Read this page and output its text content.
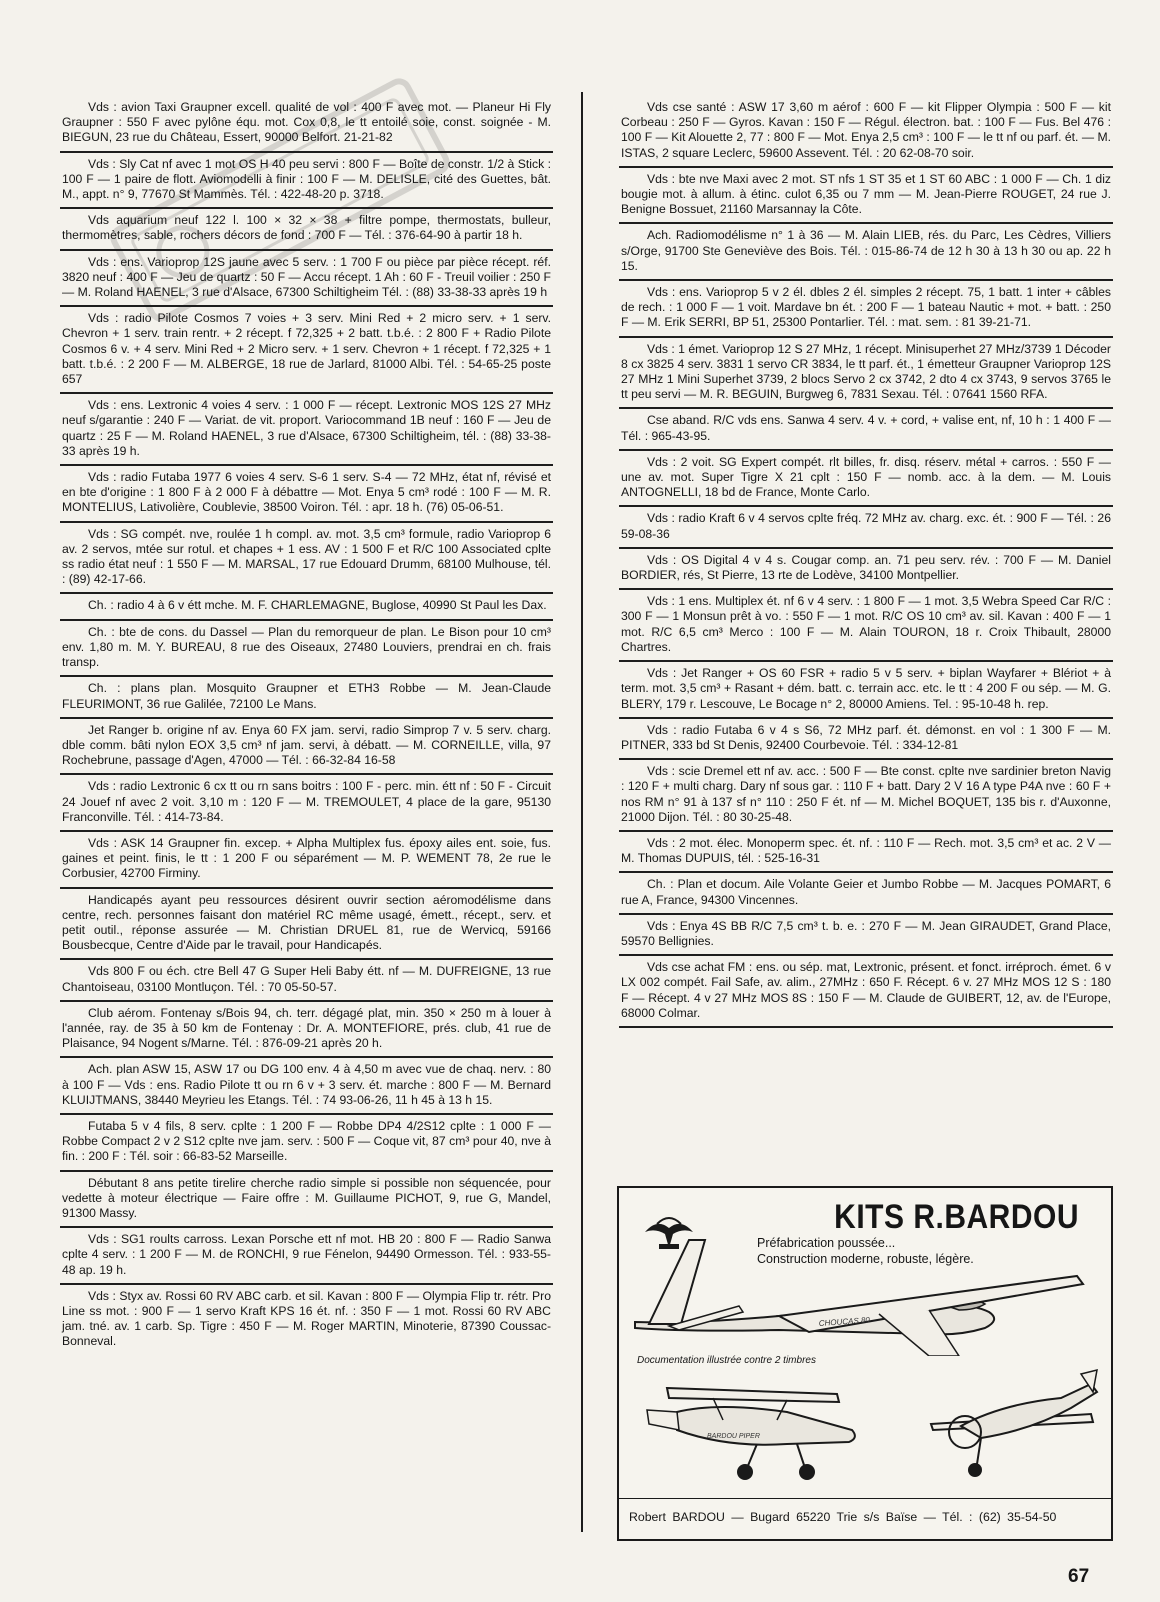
Vds : avion Taxi Graupner excell. qualité de vol : 400 F avec mot. — Planeur Hi Fly Graupner : 550 F avec pylône équ. mot. Cox 0,8, le tt entoilé soie, const. soignée - M. BIEGUN, 23 rue du Château, Essert, 90000 Belfort. 21-21-82
Vds : Sly Cat nf avec 1 mot OS H 40 peu servi : 800 F — Boîte de constr. 1/2 à Stick : 100 F — 1 paire de flott. Aviomodelli à finir : 100 F — M. DELISLE, cité des Guettes, bât. M., appt. n° 9, 77670 St Mammès. Tél. : 422-48-20 p. 3718.
Vds aquarium neuf 122 l. 100 × 32 × 38 + filtre pompe, thermostats, bulleur, thermomètres, sable, rochers décors de fond : 700 F — Tél. : 376-64-90 à partir 18 h.
Vds : ens. Varioprop 12S jaune avec 5 serv. : 1 700 F ou pièce par pièce récept. réf. 3820 neuf : 400 F — Jeu de quartz : 50 F — Accu récept. 1 Ah : 60 F - Treuil voilier : 250 F — M. Roland HAENEL, 3 rue d'Alsace, 67300 Schiltigheim Tél. : (88) 33-38-33 après 19 h
Vds : radio Pilote Cosmos 7 voies + 3 serv. Mini Red + 2 micro serv. + 1 serv. Chevron + 1 serv. train rentr. + 2 récept. f 72,325 + 2 batt. t.b.é. : 2 800 F + Radio Pilote Cosmos 6 v. + 4 serv. Mini Red + 2 Micro serv. + 1 serv. Chevron + 1 récept. f 72,325 + 1 batt. t.b.é. : 2 200 F — M. ALBERGE, 18 rue de Jarlard, 81000 Albi. Tél. : 54-65-25 poste 657
Vds : ens. Lextronic 4 voies 4 serv. : 1 000 F — récept. Lextronic MOS 12S 27 MHz neuf s/garantie : 240 F — Variat. de vit. proport. Variocommand 1B neuf : 160 F — Jeu de quartz : 25 F — M. Roland HAENEL, 3 rue d'Alsace, 67300 Schiltigheim, tél. : (88) 33-38-33 après 19 h.
Vds : radio Futaba 1977 6 voies 4 serv. S-6 1 serv. S-4 — 72 MHz, état nf, révisé et en bte d'origine : 1 800 F à 2 000 F à débattre — Mot. Enya 5 cm³ rodé : 100 F — M. R. MONTELIUS, Lativolière, Coublevie, 38500 Voiron. Tél. : apr. 18 h. (76) 05-06-51.
Vds : SG compét. nve, roulée 1 h compl. av. mot. 3,5 cm³ formule, radio Varioprop 6 av. 2 servos, mtée sur rotul. et chapes + 1 ess. AV : 1 500 F et R/C 100 Associated cplte ss radio état neuf : 1 550 F — M. MARSAL, 17 rue Edouard Drumm, 68100 Mulhouse, tél. : (89) 42-17-66.
Ch. : radio 4 à 6 v étt mche. M. F. CHARLEMAGNE, Buglose, 40990 St Paul les Dax.
Ch. : bte de cons. du Dassel — Plan du remorqueur de plan. Le Bison pour 10 cm³ env. 1,80 m. M. Y. BUREAU, 8 rue des Oiseaux, 27480 Louviers, prendrai en ch. frais transp.
Ch. : plans plan. Mosquito Graupner et ETH3 Robbe — M. Jean-Claude FLEURIMONT, 36 rue Galilée, 72100 Le Mans.
Jet Ranger b. origine nf av. Enya 60 FX jam. servi, radio Simprop 7 v. 5 serv. charg. dble comm. bâti nylon EOX 3,5 cm³ nf jam. servi, à débatt. — M. CORNEILLE, villa, 97 Rochebrune, passage d'Agen, 47000 — Tél. : 66-32-84 16-58
Vds : radio Lextronic 6 cx tt ou rn sans boitrs : 100 F - perc. min. étt nf : 50 F - Circuit 24 Jouef nf avec 2 voit. 3,10 m : 120 F — M. TREMOULET, 4 place de la gare, 95130 Franconville. Tél. : 414-73-84.
Vds : ASK 14 Graupner fin. excep. + Alpha Multiplex fus. époxy ailes ent. soie, fus. gaines et peint. finis, le tt : 1 200 F ou séparément — M. P. WEMENT 78, 2e rue le Corbusier, 42700 Firminy.
Handicapés ayant peu ressources désirent ouvrir section aéromodélisme dans centre, rech. personnes faisant don matériel RC même usagé, émett., récept., serv. et petit outil., réponse assurée — M. Christian DRUEL 81, rue de Wervicq, 59166 Bousbecque, Centre d'Aide par le travail, pour Handicapés.
Vds 800 F ou éch. ctre Bell 47 G Super Heli Baby étt. nf — M. DUFREIGNE, 13 rue Chantoiseau, 03100 Montluçon. Tél. : 70 05-50-57.
Club aérom. Fontenay s/Bois 94, ch. terr. dégagé plat, min. 350 × 250 m à louer à l'année, ray. de 35 à 50 km de Fontenay : Dr. A. MONTEFIORE, prés. club, 41 rue de Plaisance, 94 Nogent s/Marne. Tél. : 876-09-21 après 20 h.
Ach. plan ASW 15, ASW 17 ou DG 100 env. 4 à 4,50 m avec vue de chaq. nerv. : 80 à 100 F — Vds : ens. Radio Pilote tt ou rn 6 v + 3 serv. ét. marche : 800 F — M. Bernard KLUIJTMANS, 38440 Meyrieu les Etangs. Tél. : 74 93-06-26, 11 h 45 à 13 h 15.
Futaba 5 v 4 fils, 8 serv. cplte : 1 200 F — Robbe DP4 4/2S12 cplte : 1 000 F — Robbe Compact 2 v 2 S12 cplte nve jam. serv. : 500 F — Coque vit, 87 cm³ pour 40, nve à fin. : 200 F : Tél. soir : 66-83-52 Marseille.
Débutant 8 ans petite tirelire cherche radio simple si possible non séquencée, pour vedette à moteur électrique — Faire offre : M. Guillaume PICHOT, 9, rue G, Mandel, 91300 Massy.
Vds : SG1 roults carross. Lexan Porsche ett nf mot. HB 20 : 800 F — Radio Sanwa cplte 4 serv. : 1 200 F — M. de RONCHI, 9 rue Fénelon, 94490 Ormesson. Tél. : 933-55-48 ap. 19 h.
Vds : Styx av. Rossi 60 RV ABC carb. et sil. Kavan : 800 F — Olympia Flip tr. rétr. Pro Line ss mot. : 900 F — 1 servo Kraft KPS 16 ét. nf. : 350 F — 1 mot. Rossi 60 RV ABC jam. tné. av. 1 carb. Sp. Tigre : 450 F — M. Roger MARTIN, Minoterie, 87390 Coussac-Bonneval.
Vds cse santé : ASW 17 3,60 m aérof : 600 F — kit Flipper Olympia : 500 F — kit Corbeau : 250 F — Gyros. Kavan : 150 F — Régul. électron. bat. : 100 F — Fus. Bel 476 : 100 F — Kit Alouette 2, 77 : 800 F — Mot. Enya 2,5 cm³ : 100 F — le tt nf ou parf. ét. — M. ISTAS, 2 square Leclerc, 59600 Assevent. Tél. : 20 62-08-70 soir.
Vds : bte nve Maxi avec 2 mot. ST nfs 1 ST 35 et 1 ST 60 ABC : 1 000 F — Ch. 1 diz bougie mot. à allum. à étinc. culot 6,35 ou 7 mm — M. Jean-Pierre ROUGET, 24 rue J. Benigne Bossuet, 21160 Marsannay la Côte.
Ach. Radiomodélisme n° 1 à 36 — M. Alain LIEB, rés. du Parc, Les Cèdres, Villiers s/Orge, 91700 Ste Geneviève des Bois. Tél. : 015-86-74 de 12 h 30 à 13 h 30 ou ap. 22 h 15.
Vds : ens. Varioprop 5 v 2 él. dbles 2 él. simples 2 récept. 75, 1 batt. 1 inter + câbles de rech. : 1 000 F — 1 voit. Mardave bn ét. : 200 F — 1 bateau Nautic + mot. + batt. : 250 F — M. Erik SERRI, BP 51, 25300 Pontarlier. Tél. : mat. sem. : 81 39-21-71.
Vds : 1 émet. Varioprop 12 S 27 MHz, 1 récept. Minisuperhet 27 MHz/3739 1 Décoder 8 cx 3825 4 serv. 3831 1 servo CR 3834, le tt parf. ét., 1 émetteur Graupner Varioprop 12S 27 MHz 1 Mini Superhet 3739, 2 blocs Servo 2 cx 3742, 2 dto 4 cx 3743, 9 servos 3765 le tt peu servi — M. R. BEGUIN, Burgweg 6, 7831 Sexau. Tél. : 07641 1560 RFA.
Cse aband. R/C vds ens. Sanwa 4 serv. 4 v. + cord, + valise ent, nf, 10 h : 1 400 F — Tél. : 965-43-95.
Vds : 2 voit. SG Expert compét. rlt billes, fr. disq. réserv. métal + carros. : 550 F — une av. mot. Super Tigre X 21 cplt : 150 F — nomb. acc. à la dem. — M. Louis ANTOGNELLI, 18 bd de France, Monte Carlo.
Vds : radio Kraft 6 v 4 servos cplte fréq. 72 MHz av. charg. exc. ét. : 900 F — Tél. : 26 59-08-36
Vds : OS Digital 4 v 4 s. Cougar comp. an. 71 peu serv. rév. : 700 F — M. Daniel BORDIER, rés, St Pierre, 13 rte de Lodève, 34100 Montpellier.
Vds : 1 ens. Multiplex ét. nf 6 v 4 serv. : 1 800 F — 1 mot. 3,5 Webra Speed Car R/C : 300 F — 1 Monsun prêt à vo. : 550 F — 1 mot. R/C OS 10 cm³ av. sil. Kavan : 400 F — 1 mot. R/C 6,5 cm³ Merco : 100 F — M. Alain TOURON, 18 r. Croix Thibault, 28000 Chartres.
Vds : Jet Ranger + OS 60 FSR + radio 5 v 5 serv. + biplan Wayfarer + Blériot + à term. mot. 3,5 cm³ + Rasant + dém. batt. c. terrain acc. etc. le tt : 4 200 F ou sép. — M. G. BLERY, 179 r. Lescouve, Le Bocage n° 2, 80000 Amiens. Tel. : 95-10-48 h. rep.
Vds : radio Futaba 6 v 4 s S6, 72 MHz parf. ét. démonst. en vol : 1 300 F — M. PITNER, 333 bd St Denis, 92400 Courbevoie. Tél. : 334-12-81
Vds : scie Dremel ett nf av. acc. : 500 F — Bte const. cplte nve sardinier breton Navig : 120 F + multi charg. Dary nf sous gar. : 110 F + batt. Dary 2 V 16 A type P4A nve : 60 F + nos RM n° 91 à 137 sf n° 110 : 250 F ét. nf — M. Michel BOQUET, 135 bis r. d'Auxonne, 21000 Dijon. Tél. : 80 30-25-48.
Vds : 2 mot. élec. Monoperm spec. ét. nf. : 110 F — Rech. mot. 3,5 cm³ et ac. 2 V — M. Thomas DUPUIS, tél. : 525-16-31
Ch. : Plan et docum. Aile Volante Geier et Jumbo Robbe — M. Jacques POMART, 6 rue A, France, 94300 Vincennes.
Vds : Enya 4S BB R/C 7,5 cm³ t. b. e. : 270 F — M. Jean GIRAUDET, Grand Place, 59570 Bellignies.
Vds cse achat FM : ens. ou sép. mat, Lextronic, présent. et fonct. irréproch. émet. 6 v LX 002 compét. Fail Safe, av. alim., 27MHz : 650 F. Récept. 6 v. 27 MHz MOS 12 S : 180 F — Récept. 4 v 27 MHz MOS 8S : 150 F — M. Claude de GUIBERT, 12, av. de l'Europe, 68000 Colmar.
KITS R.BARDOU
Préfabrication poussée...
Construction moderne, robuste, légère.
CHOUCAS 80
Documentation illustrée contre 2 timbres
BARDOU PIPER
Robert BARDOU — Bugard 65220 Trie s/s Baïse — Tél. : (62) 35-54-50
67
